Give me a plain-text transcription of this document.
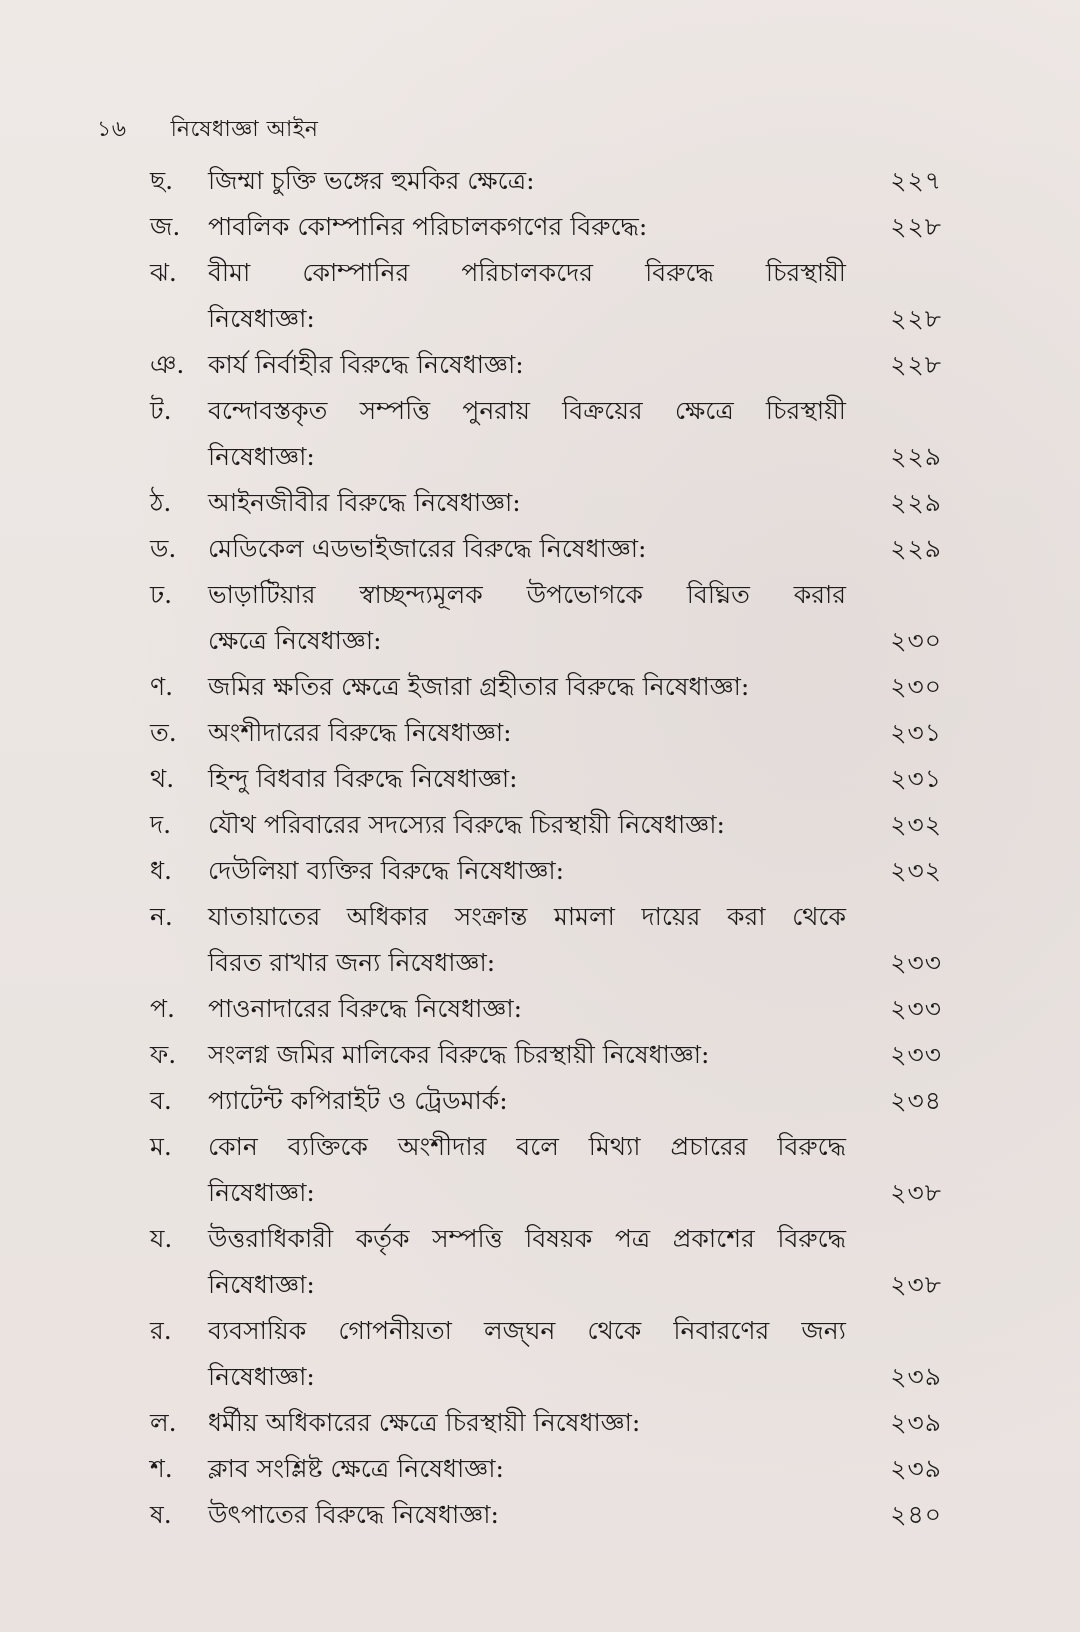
১৬ নিষেধাজ্ঞা আইন
ছ.	জিম্মা চুক্তি ভঙ্গের হুমকির ক্ষেত্রে:	২২৭
জ.	পাবলিক কোম্পানির পরিচালকগণের বিরুদ্ধে:	২২৮
ঝ.	বীমা কোম্পানির পরিচালকদের বিরুদ্ধে চিরস্থায়ী
নিষেধাজ্ঞা:	২২৮
ঞ. কার্য নির্বাহীর বিরুদ্ধে নিষেধাজ্ঞা:	২২৮
ট.	বন্দোবস্তকৃত সম্পত্তি পুনরায় বিক্রয়ের ক্ষেত্রে চিরস্থায়ী
নিষেধাজ্ঞা:	২২৯
ঠ.	আইনজীবীর বিরুদ্ধে নিষেধাজ্ঞা:	২২৯
ড.	মেডিকেল এডভাইজারের বিরুদ্ধে নিষেধাজ্ঞা:	২২৯
ঢ.	ভাড়াটিয়ার স্বাচ্ছন্দ্যমূলক উপভোগকে বিঘ্নিত করার
ক্ষেত্রে নিষেধাজ্ঞা:	২৩০
ণ.	জমির ক্ষতির ক্ষেত্রে ইজারা গ্রহীতার বিরুদ্ধে নিষেধাজ্ঞা:	২৩০
ত.	অংশীদারের বিরুদ্ধে নিষেধাজ্ঞা:	২৩১
থ.	হিন্দু বিধবার বিরুদ্ধে নিষেধাজ্ঞা:	২৩১
দ.	যৌথ পরিবারের সদস্যের বিরুদ্ধে চিরস্থায়ী নিষেধাজ্ঞা:	২৩২
ধ.	দেউলিয়া ব্যক্তির বিরুদ্ধে নিষেধাজ্ঞা:	২৩২
ন.	যাতায়াতের অধিকার সংক্রান্ত মামলা দায়ের করা থেকে
বিরত রাখার জন্য নিষেধাজ্ঞা:	২৩৩
প.	পাওনাদারের বিরুদ্ধে নিষেধাজ্ঞা:	২৩৩
ফ.	সংলগ্ন জমির মালিকের বিরুদ্ধে চিরস্থায়ী নিষেধাজ্ঞা:	২৩৩
ব.	প্যাটেন্ট কপিরাইট ও ট্রেডমার্ক:	২৩৪
ম.	কোন ব্যক্তিকে অংশীদার বলে মিথ্যা প্রচারের বিরুদ্ধে
নিষেধাজ্ঞা:	২৩৮
য.	উত্তরাধিকারী কর্তৃক সম্পত্তি বিষয়ক পত্র প্রকাশের বিরুদ্ধে
নিষেধাজ্ঞা:	২৩৮
র.	ব্যবসায়িক গোপনীয়তা লজ্ঘন থেকে নিবারণের জন্য
নিষেধাজ্ঞা:	২৩৯
ল.	ধর্মীয় অধিকারের ক্ষেত্রে চিরস্থায়ী নিষেধাজ্ঞা:	২৩৯
শ.	ক্লাব সংশ্লিষ্ট ক্ষেত্রে নিষেধাজ্ঞা:	২৩৯
ষ.	উৎপাতের বিরুদ্ধে নিষেধাজ্ঞা:	২৪০
